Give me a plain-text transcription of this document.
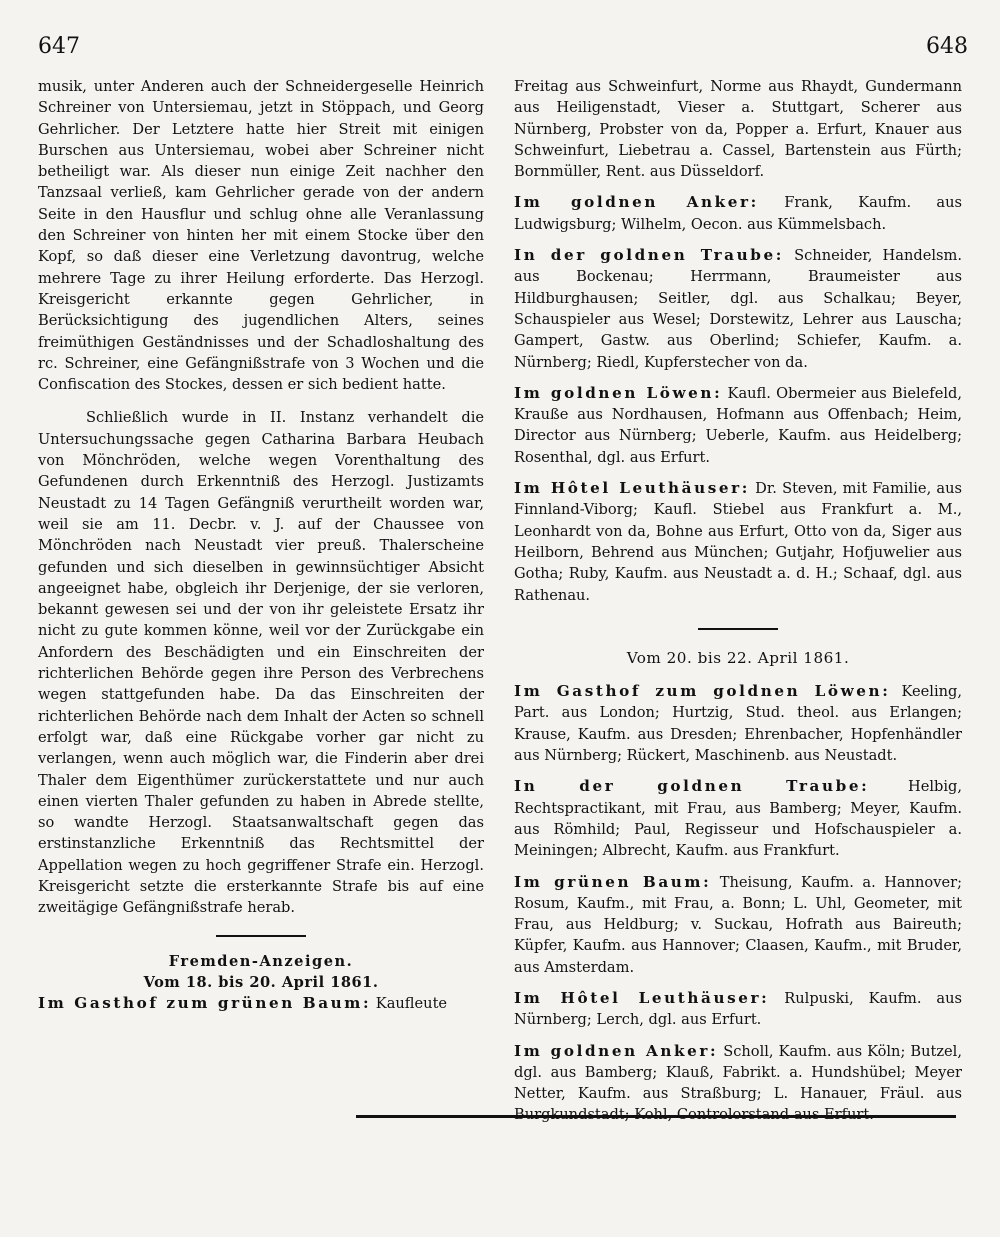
647	648

musik, unter Anderen auch der Schneidergeselle Heinrich Schreiner von Untersiemau, jetzt in Stöppach, und Georg Gehrlicher. Der Letztere hatte hier Streit mit einigen Burschen aus Untersiemau, wobei aber Schreiner nicht betheiligt war. Als dieser nun einige Zeit nachher den Tanzsaal verließ, kam Gehrlicher gerade von der andern Seite in den Hausflur und schlug ohne alle Veranlassung den Schreiner von hinten her mit einem Stocke über den Kopf, so daß dieser eine Verletzung davontrug, welche mehrere Tage zu ihrer Heilung erforderte. Das Herzogl. Kreisgericht erkannte gegen Gehrlicher, in Berücksichtigung des jugendlichen Alters, seines freimüthigen Geständnisses und der Schadloshaltung des rc. Schreiner, eine Gefängnißstrafe von 3 Wochen und die Confiscation des Stockes, dessen er sich bedient hatte.

Schließlich wurde in II. Instanz verhandelt die Untersuchungssache gegen Catharina Barbara Heubach von Mönchröden, welche wegen Vorenthaltung des Gefundenen durch Erkenntniß des Herzogl. Justizamts Neustadt zu 14 Tagen Gefängniß verurtheilt worden war, weil sie am 11. Decbr. v. J. auf der Chaussee von Mönchröden nach Neustadt vier preuß. Thalerscheine gefunden und sich dieselben in gewinnsüchtiger Absicht angeeignet habe, obgleich ihr Derjenige, der sie verloren, bekannt gewesen sei und der von ihr geleistete Ersatz ihr nicht zu gute kommen könne, weil vor der Zurückgabe ein Anfordern des Beschädigten und ein Einschreiten der richterlichen Behörde gegen ihre Person des Verbrechens wegen stattgefunden habe. Da das Einschreiten der richterlichen Behörde nach dem Inhalt der Acten so schnell erfolgt war, daß eine Rückgabe vorher gar nicht zu verlangen, wenn auch möglich war, die Finderin aber drei Thaler dem Eigenthümer zurückerstattete und nur auch einen vierten Thaler gefunden zu haben in Abrede stellte, so wandte Herzogl. Staatsanwaltschaft gegen das erstinstanzliche Erkenntniß das Rechtsmittel der Appellation wegen zu hoch gegriffener Strafe ein. Herzogl. Kreisgericht setzte die ersterkannte Strafe bis auf eine zweitägige Gefängnißstrafe herab.

Fremden-Anzeigen.

Vom 18. bis 20. April 1861.

Im Gasthof zum grünen Baum: Kaufleute

Freitag aus Schweinfurt, Norme aus Rhaydt, Gundermann aus Heiligenstadt, Vieser a. Stuttgart, Scherer aus Nürnberg, Probster von da, Popper a. Erfurt, Knauer aus Schweinfurt, Liebetrau a. Cassel, Bartenstein aus Fürth; Bornmüller, Rent. aus Düsseldorf.

Im goldnen Anker: Frank, Kaufm. aus Ludwigsburg; Wilhelm, Oecon. aus Kümmelsbach.

In der goldnen Traube: Schneider, Handelsm. aus Bockenau; Herrmann, Braumeister aus Hildburghausen; Seitler, dgl. aus Schalkau; Beyer, Schauspieler aus Wesel; Dorstewitz, Lehrer aus Lauscha; Gampert, Gastw. aus Oberlind; Schiefer, Kaufm. a. Nürnberg; Riedl, Kupferstecher von da.

Im goldnen Löwen: Kaufl. Obermeier aus Bielefeld, Krauße aus Nordhausen, Hofmann aus Offenbach; Heim, Director aus Nürnberg; Ueberle, Kaufm. aus Heidelberg; Rosenthal, dgl. aus Erfurt.

Im Hôtel Leuthäuser: Dr. Steven, mit Familie, aus Finnland-Viborg; Kaufl. Stiebel aus Frankfurt a. M., Leonhardt von da, Bohne aus Erfurt, Otto von da, Siger aus Heilborn, Behrend aus München; Gutjahr, Hofjuwelier aus Gotha; Ruby, Kaufm. aus Neustadt a. d. H.; Schaaf, dgl. aus Rathenau.

Vom 20. bis 22. April 1861.

Im Gasthof zum goldnen Löwen: Keeling, Part. aus London; Hurtzig, Stud. theol. aus Erlangen; Krause, Kaufm. aus Dresden; Ehrenbacher, Hopfenhändler aus Nürnberg; Rückert, Maschinenb. aus Neustadt.

In der goldnen Traube:	Helbig, Rechtspractikant, mit Frau, aus Bamberg; Meyer, Kaufm. aus Römhild; Paul, Regisseur und Hofschauspieler a. Meiningen; Albrecht, Kaufm. aus Frankfurt.

Im grünen Baum: Theisung, Kaufm. a. Hannover; Rosum, Kaufm., mit Frau, a. Bonn; L. Uhl, Geometer, mit Frau, aus Heldburg; v. Suckau, Hofrath aus Baireuth; Küpfer, Kaufm. aus Hannover; Claasen, Kaufm., mit Bruder, aus Amsterdam.

Im Hôtel Leuthäuser: Rulpuski, Kaufm. aus Nürnberg; Lerch, dgl. aus Erfurt.

Im goldnen Anker: Scholl, Kaufm. aus Köln; Butzel, dgl. aus Bamberg; Klauß, Fabrikt. a. Hundshübel; Meyer Netter, Kaufm. aus Straßburg; L. Hanauer, Fräul. aus Burgkundstadt; Kohl, Controlorstand aus Erfurt.
